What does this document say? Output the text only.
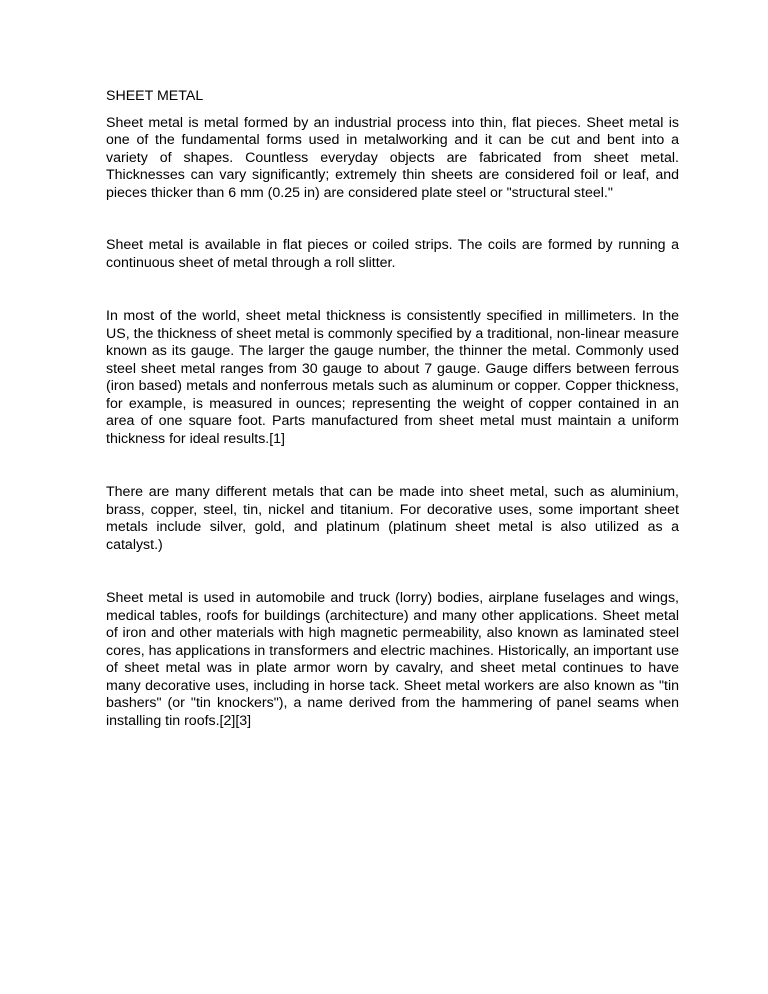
SHEET METAL

Sheet metal is metal formed by an industrial process into thin, flat pieces. Sheet metal is one of the fundamental forms used in metalworking and it can be cut and bent into a variety of shapes. Countless everyday objects are fabricated from sheet metal. Thicknesses can vary significantly; extremely thin sheets are considered foil or leaf, and pieces thicker than 6 mm (0.25 in) are considered plate steel or "structural steel."

Sheet metal is available in flat pieces or coiled strips. The coils are formed by running a continuous sheet of metal through a roll slitter.

In most of the world, sheet metal thickness is consistently specified in millimeters. In the US, the thickness of sheet metal is commonly specified by a traditional, non-linear measure known as its gauge. The larger the gauge number, the thinner the metal. Commonly used steel sheet metal ranges from 30 gauge to about 7 gauge. Gauge differs between ferrous (iron based) metals and nonferrous metals such as aluminum or copper. Copper thickness, for example, is measured in ounces; representing the weight of copper contained in an area of one square foot. Parts manufactured from sheet metal must maintain a uniform thickness for ideal results.[1]

There are many different metals that can be made into sheet metal, such as aluminium, brass, copper, steel, tin, nickel and titanium. For decorative uses, some important sheet metals include silver, gold, and platinum (platinum sheet metal is also utilized as a catalyst.)

Sheet metal is used in automobile and truck (lorry) bodies, airplane fuselages and wings, medical tables, roofs for buildings (architecture) and many other applications. Sheet metal of iron and other materials with high magnetic permeability, also known as laminated steel cores, has applications in transformers and electric machines. Historically, an important use of sheet metal was in plate armor worn by cavalry, and sheet metal continues to have many decorative uses, including in horse tack. Sheet metal workers are also known as "tin bashers" (or "tin knockers"), a name derived from the hammering of panel seams when installing tin roofs.[2][3]
